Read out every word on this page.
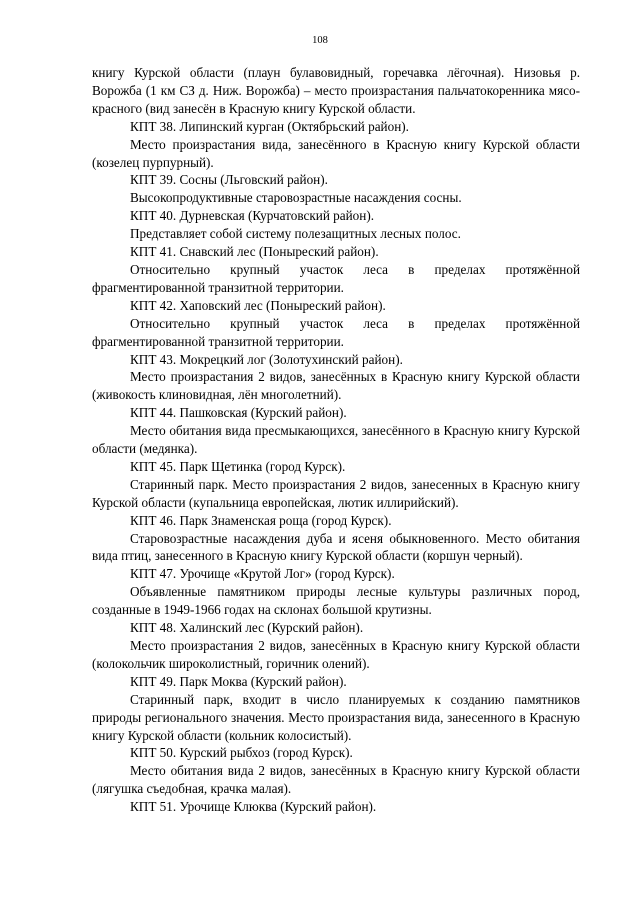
108

книгу Курской области (плаун булавовидный, горечавка лёгочная). Низовья р. Ворожба (1 км СЗ д. Ниж. Ворожба) – место произрастания пальчатокоренника мясо-красного (вид занесён в Красную книгу Курской области.

КПТ 38. Липинский курган (Октябрьский район).

Место произрастания вида, занесённого в Красную книгу Курской области (козелец пурпурный).

КПТ 39. Сосны (Льговский район).

Высокопродуктивные старовозрастные насаждения сосны.

КПТ 40. Дурневская (Курчатовский район).

Представляет собой систему полезащитных лесных полос.

КПТ 41. Снавский лес (Поныреский район).

Относительно крупный участок леса в пределах протяжённой фрагментированной транзитной территории.

КПТ 42. Хаповский лес (Поныреский район).

Относительно крупный участок леса в пределах протяжённой фрагментированной транзитной территории.

КПТ 43. Мокрецкий лог (Золотухинский район).

Место произрастания 2 видов, занесённых в Красную книгу Курской области (живокость клиновидная, лён многолетний).

КПТ 44. Пашковская (Курский район).

Место обитания вида пресмыкающихся, занесённого в Красную книгу Курской области (медянка).

КПТ 45. Парк Щетинка (город Курск).

Старинный парк. Место произрастания 2 видов, занесенных в Красную книгу Курской области (купальница европейская, лютик иллирийский).

КПТ 46. Парк Знаменская роща (город Курск).

Старовозрастные насаждения дуба и ясеня обыкновенного. Место обитания вида птиц, занесенного в Красную книгу Курской области (коршун черный).

КПТ 47. Урочище «Крутой Лог» (город Курск).

Объявленные памятником природы лесные культуры различных пород, созданные в 1949-1966 годах на склонах большой крутизны.

КПТ 48. Халинский лес (Курский район).

Место произрастания 2 видов, занесённых в Красную книгу Курской области (колокольчик широколистный, горичник олений).

КПТ 49. Парк Моква (Курский район).

Старинный парк, входит в число планируемых к созданию памятников природы регионального значения. Место произрастания вида, занесенного в Красную книгу Курской области (кольник колосистый).

КПТ 50. Курский рыбхоз (город Курск).

Место обитания вида 2 видов, занесённых в Красную книгу Курской области (лягушка съедобная, крачка малая).

КПТ 51. Урочище Клюква (Курский район).
